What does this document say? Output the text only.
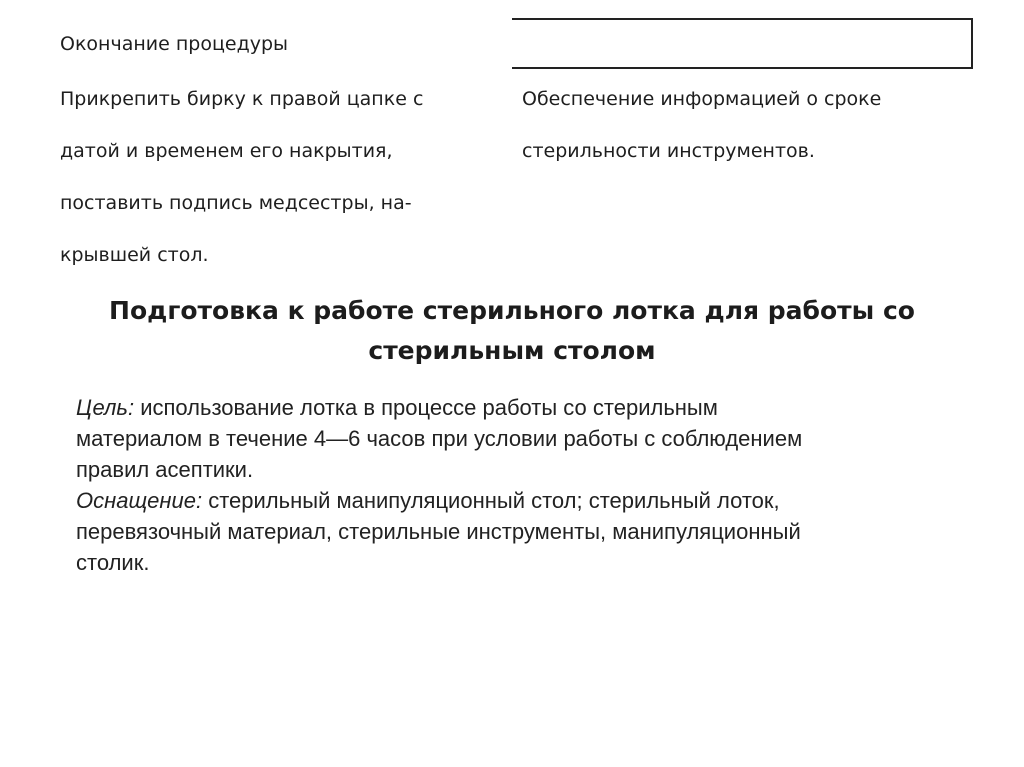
Окончание процедуры
Прикрепить бирку к правой цапке с
датой и временем его накрытия,
поставить подпись медсестры, на-
крывшей стол.
Обеспечение информацией о сроке
стерильности инструментов.
Подготовка к работе стерильного лотка для работы со
стерильным столом
Цель: использование лотка в процессе работы со стерильным
материалом в течение 4—6 часов при условии работы с соблюдением
правил асептики.
Оснащение: стерильный манипуляционный стол; стерильный лоток,
перевязочный материал, стерильные инструменты, манипуляционный
столик.
